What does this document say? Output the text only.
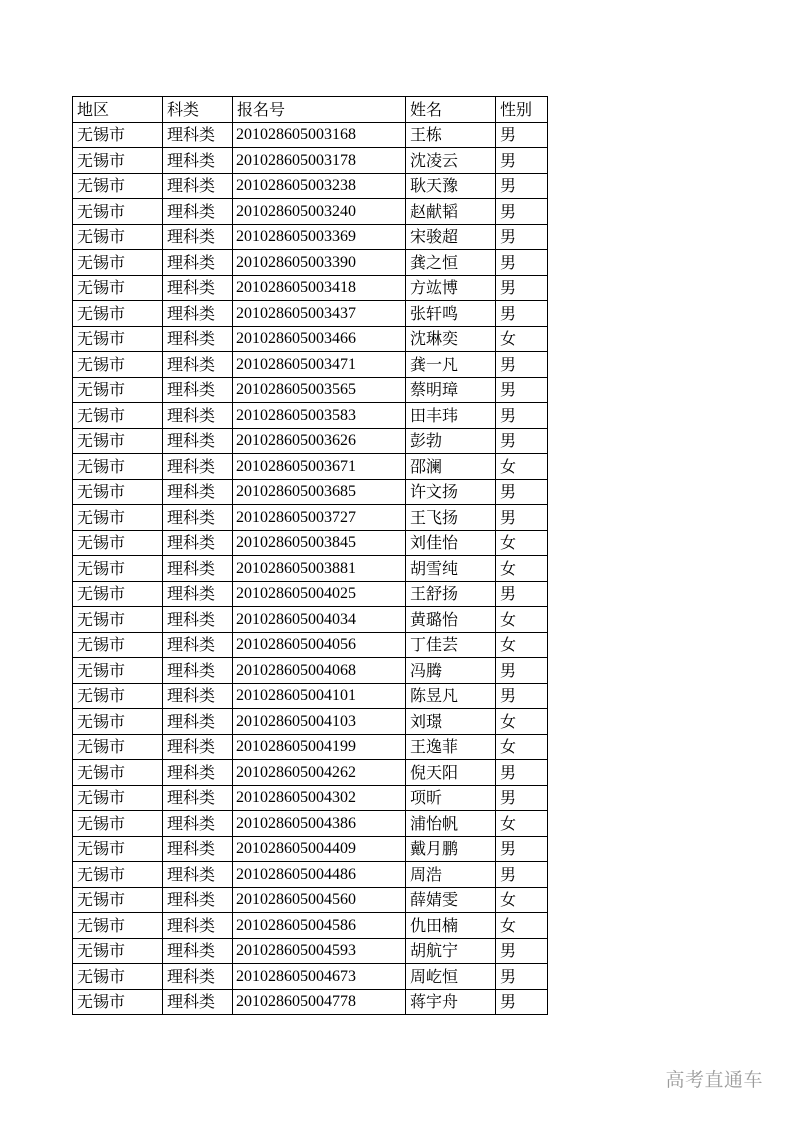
地区	科类	报名号	姓名	性别
无锡市	理科类	201028605003168	王栋	男
无锡市	理科类	201028605003178	沈凌云	男
无锡市	理科类	201028605003238	耿天豫	男
无锡市	理科类	201028605003240	赵献韬	男
无锡市	理科类	201028605003369	宋骏超	男
无锡市	理科类	201028605003390	龚之恒	男
无锡市	理科类	201028605003418	方竑博	男
无锡市	理科类	201028605003437	张轩鸣	男
无锡市	理科类	201028605003466	沈琳奕	女
无锡市	理科类	201028605003471	龚一凡	男
无锡市	理科类	201028605003565	蔡明璋	男
无锡市	理科类	201028605003583	田丰玮	男
无锡市	理科类	201028605003626	彭勃	男
无锡市	理科类	201028605003671	邵澜	女
无锡市	理科类	201028605003685	许文扬	男
无锡市	理科类	201028605003727	王飞扬	男
无锡市	理科类	201028605003845	刘佳怡	女
无锡市	理科类	201028605003881	胡雪纯	女
无锡市	理科类	201028605004025	王舒扬	男
无锡市	理科类	201028605004034	黄璐怡	女
无锡市	理科类	201028605004056	丁佳芸	女
无锡市	理科类	201028605004068	冯腾	男
无锡市	理科类	201028605004101	陈昱凡	男
无锡市	理科类	201028605004103	刘璟	女
无锡市	理科类	201028605004199	王逸菲	女
无锡市	理科类	201028605004262	倪天阳	男
无锡市	理科类	201028605004302	项昕	男
无锡市	理科类	201028605004386	浦怡帆	女
无锡市	理科类	201028605004409	戴月鹏	男
无锡市	理科类	201028605004486	周浩	男
无锡市	理科类	201028605004560	薛婧雯	女
无锡市	理科类	201028605004586	仇田楠	女
无锡市	理科类	201028605004593	胡航宁	男
无锡市	理科类	201028605004673	周屹恒	男
无锡市	理科类	201028605004778	蒋宇舟	男
高考直通车
